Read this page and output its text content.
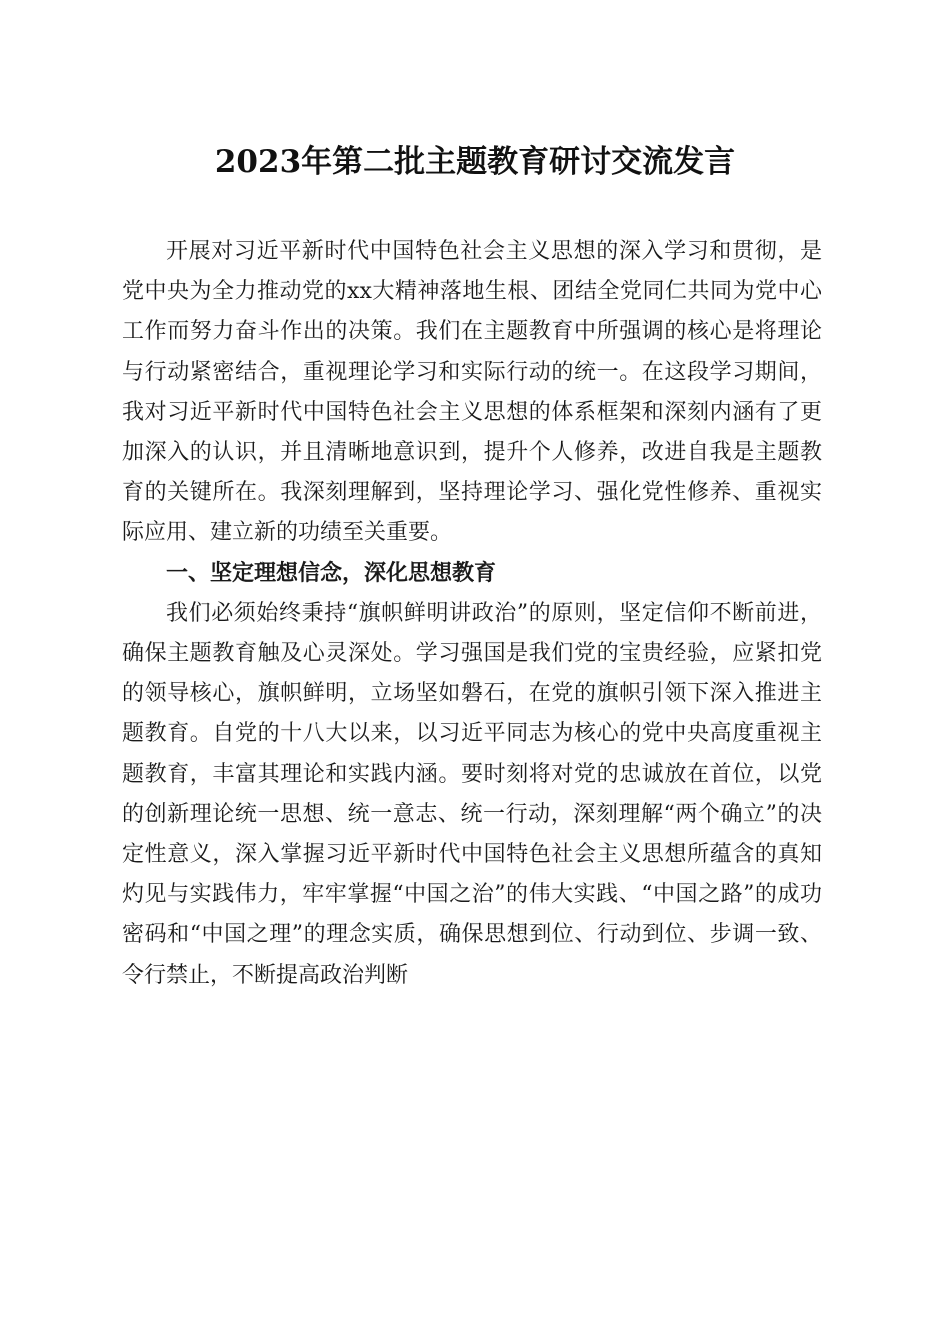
2023年第二批主题教育研讨交流发言

开展对习近平新时代中国特色社会主义思想的深入学习和贯彻，是党中央为全力推动党的xx大精神落地生根、团结全党同仁共同为党中心工作而努力奋斗作出的决策。我们在主题教育中所强调的核心是将理论与行动紧密结合，重视理论学习和实际行动的统一。在这段学习期间，我对习近平新时代中国特色社会主义思想的体系框架和深刻内涵有了更加深入的认识，并且清晰地意识到，提升个人修养，改进自我是主题教育的关键所在。我深刻理解到，坚持理论学习、强化党性修养、重视实际应用、建立新的功绩至关重要。

一、坚定理想信念，深化思想教育

我们必须始终秉持“旗帜鲜明讲政治”的原则，坚定信仰不断前进，确保主题教育触及心灵深处。学习强国是我们党的宝贵经验，应紧扣党的领导核心，旗帜鲜明，立场坚如磐石，在党的旗帜引领下深入推进主题教育。自党的十八大以来，以习近平同志为核心的党中央高度重视主题教育，丰富其理论和实践内涵。要时刻将对党的忠诚放在首位，以党的创新理论统一思想、统一意志、统一行动，深刻理解“两个确立”的决定性意义，深入掌握习近平新时代中国特色社会主义思想所蕴含的真知灼见与实践伟力，牢牢掌握“中国之治”的伟大实践、“中国之路”的成功密码和“中国之理”的理念实质，确保思想到位、行动到位、步调一致、令行禁止，不断提高政治判断
